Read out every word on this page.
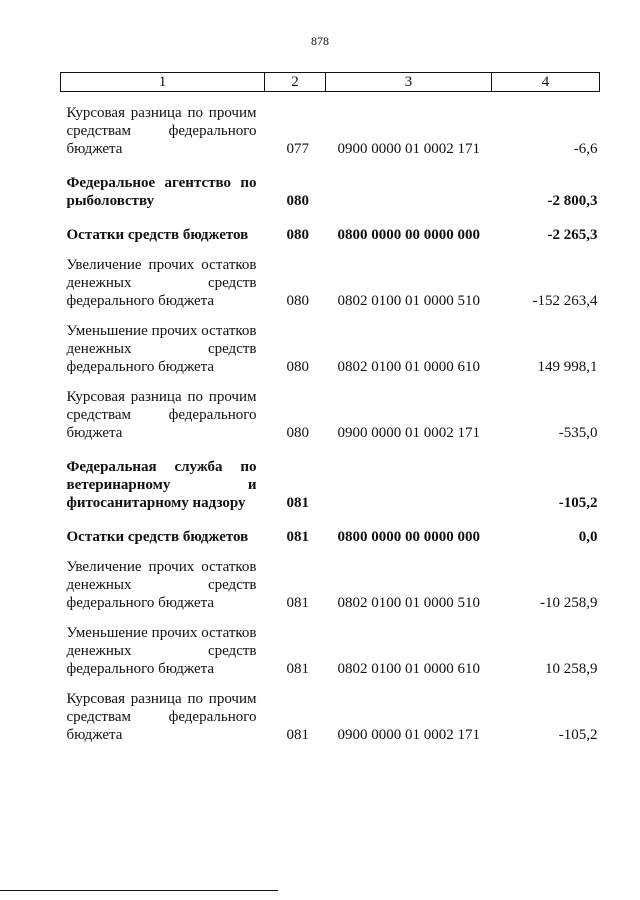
878
1	2	3	4
Курсовая разница по прочим средствам федерального бюджета	077	0900 0000 01 0002 171	-6,6
Федеральное агентство по рыболовству	080		-2 800,3
Остатки средств бюджетов	080	0800 0000 00 0000 000	-2 265,3
Увеличение прочих остатков денежных средств федерального бюджета	080	0802 0100 01 0000 510	-152 263,4
Уменьшение прочих остатков денежных средств федерального бюджета	080	0802 0100 01 0000 610	149 998,1
Курсовая разница по прочим средствам федерального бюджета	080	0900 0000 01 0002 171	-535,0
Федеральная служба по ветеринарному и фитосанитарному надзору	081		-105,2
Остатки средств бюджетов	081	0800 0000 00 0000 000	0,0
Увеличение прочих остатков денежных средств федерального бюджета	081	0802 0100 01 0000 510	-10 258,9
Уменьшение прочих остатков денежных средств федерального бюджета	081	0802 0100 01 0000 610	10 258,9
Курсовая разница по прочим средствам федерального бюджета	081	0900 0000 01 0002 171	-105,2
